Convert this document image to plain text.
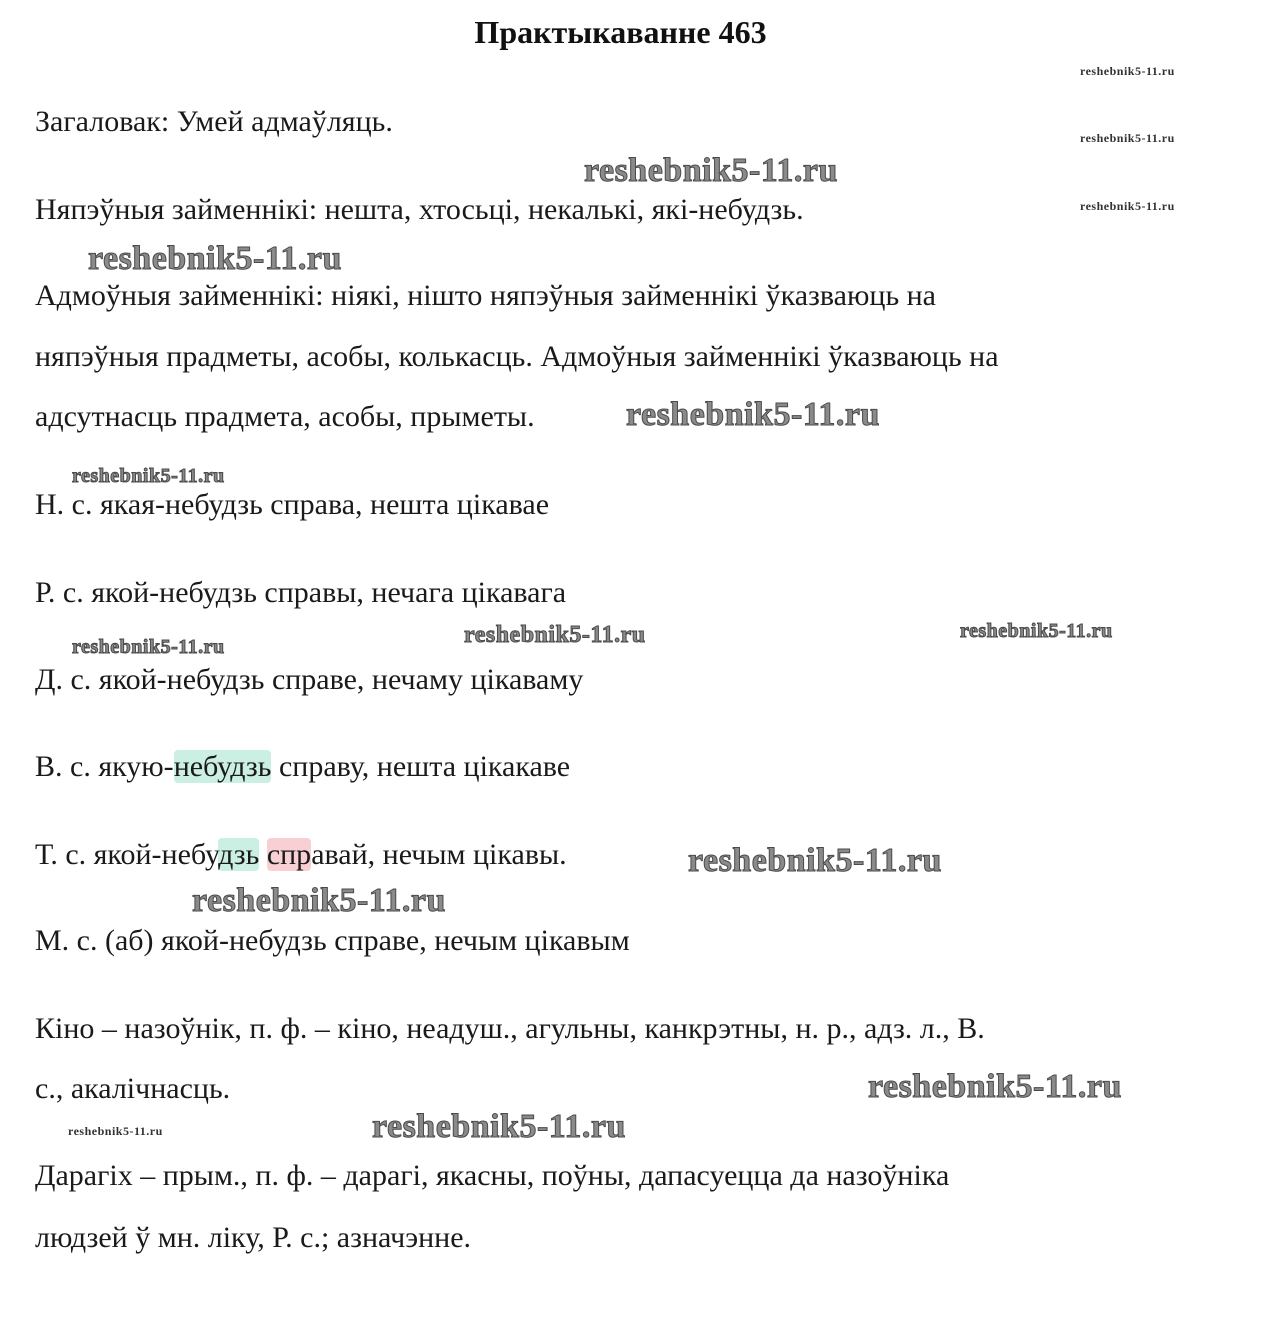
Практыкаванне 463
reshebnik5-11.ru
reshebnik5-11.ru
reshebnik5-11.ru
Загаловак: Умей адмаўляць.
reshebnik5-11.ru
Няпэўныя займеннікі: нешта, хтосьці, некалькі, які-небудзь.
reshebnik5-11.ru
Адмоўныя займеннікі: ніякі, нішто няпэўныя займеннікі ўказваюць на
няпэўныя прадметы, асобы, колькасць. Адмоўныя займеннікі ўказваюць на
адсутнасць прадмета, асобы, прыметы.	reshebnik5-11.ru
reshebnik5-11.ru
Н. с. якая-небудзь справа, нешта цікавае
Р. с. якой-небудзь справы, нечага цікавага
reshebnik5-11.ru	reshebnik5-11.ru	reshebnik5-11.ru
Д. с. якой-небудзь справе, нечаму цікаваму
В. с. якую-небудзь справу, нешта цікакаве
Т. с. якой-небудзь справай, нечым цікавы.	reshebnik5-11.ru
reshebnik5-11.ru
М. с. (аб) якой-небудзь справе, нечым цікавым
Кіно – назоўнік, п. ф. – кіно, неадуш., агульны, канкрэтны, н. р., адз. л., В.
с., акалічнасць.	reshebnik5-11.ru
reshebnik5-11.ru	reshebnik5-11.ru
Дарагіх – прым., п. ф. – дарагі, якасны, поўны, дапасуецца да назоўніка
людзей ў мн. ліку, Р. с.; азначэнне.
